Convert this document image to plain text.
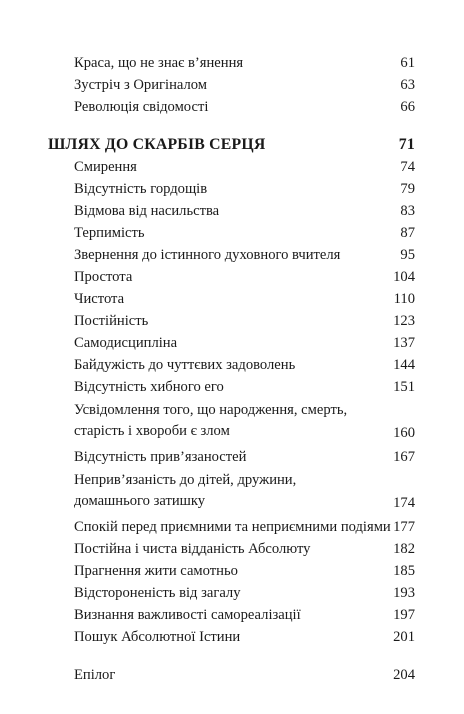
Краса, що не знає в’янення	61
Зустріч з Оригіналом	63
Революція свідомості	66
ШЛЯХ ДО СКАРБІВ СЕРЦЯ	71
Смирення	74
Відсутність гордощів	79
Відмова від насильства	83
Терпимість	87
Звернення до істинного духовного вчителя	95
Простота	104
Чистота	110
Постійність	123
Самодисципліна	137
Байдужість до чуттєвих задоволень	144
Відсутність хибного его	151
Усвідомлення того, що народження, смерть, старість і хвороби є злом	160
Відсутність прив’язаностей	167
Неприв’язаність до дітей, дружини, домашнього затишку	174
Спокій перед приємними та неприємними подіями 177
Постійна і чиста відданість Абсолюту	182
Прагнення жити самотньо	185
Відстороненість від загалу	193
Визнання важливості самореалізації	197
Пошук Абсолютної Істини	201
Епілог	204
